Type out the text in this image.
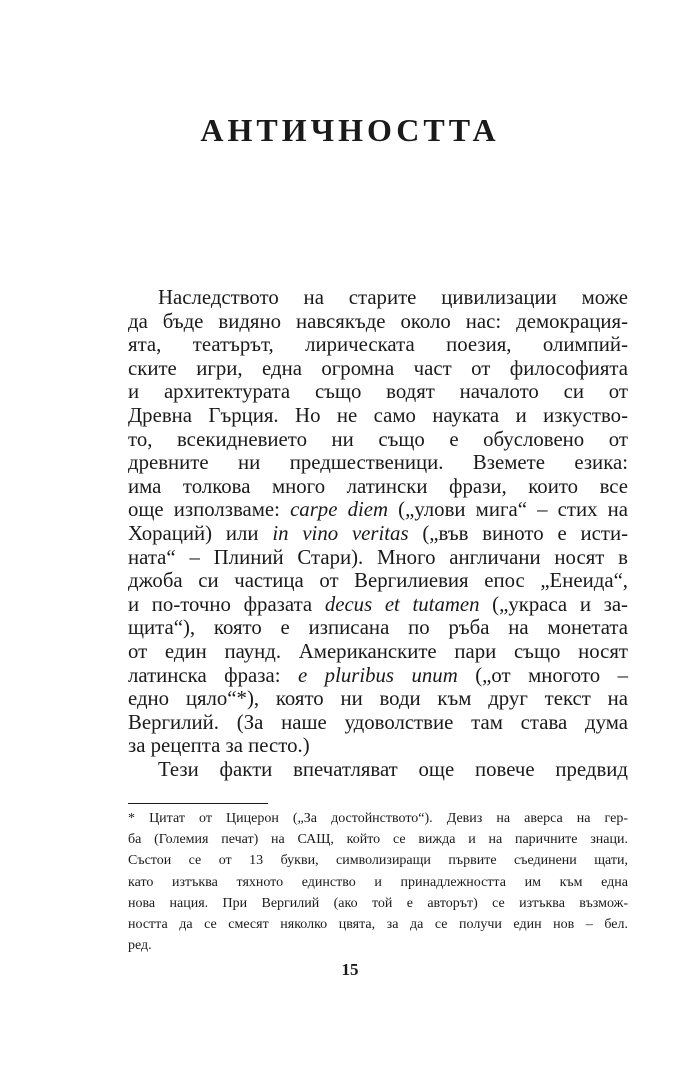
АНТИЧНОСТТА
Наследството на старите цивилизации може
да бъде видяно навсякъде около нас: демокрация-
ята, театърът, лирическата поезия, олимпий-
ските игри, една огромна част от философията
и архитектурата също водят началото си от
Древна Гърция. Но не само науката и изкуство-
то, всекидневието ни също е обусловено от
древните ни предшественици. Вземете езика:
има толкова много латински фрази, които все
още използваме: carpe diem („улови мига“ – стих на
Хораций) или in vino veritas („във виното е исти-
ната“ – Плиний Стари). Много англичани носят в
джоба си частица от Вергилиевия епос „Енеида“,
и по-точно фразата decus et tutamen („украса и за-
щита“), която е изписана по ръба на монетата
от един паунд. Американските пари също носят
латинска фраза: e pluribus unum („от многото –
едно цяло“*), която ни води към друг текст на
Вергилий. (За наше удоволствие там става дума
за рецепта за песто.)
Тези факти впечатляват още повече предвид
* Цитат от Цицерон („За достойнството“). Девиз на аверса на гер-
ба (Големия печат) на САЩ, който се вижда и на паричните знаци.
Състои се от 13 букви, символизиращи първите съединени щати,
като изтъква тяхното единство и принадлежността им към една
нова нация. При Вергилий (ако той е авторът) се изтъква възмож-
ността да се смесят няколко цвята, за да се получи един нов – бел.
ред.
15
